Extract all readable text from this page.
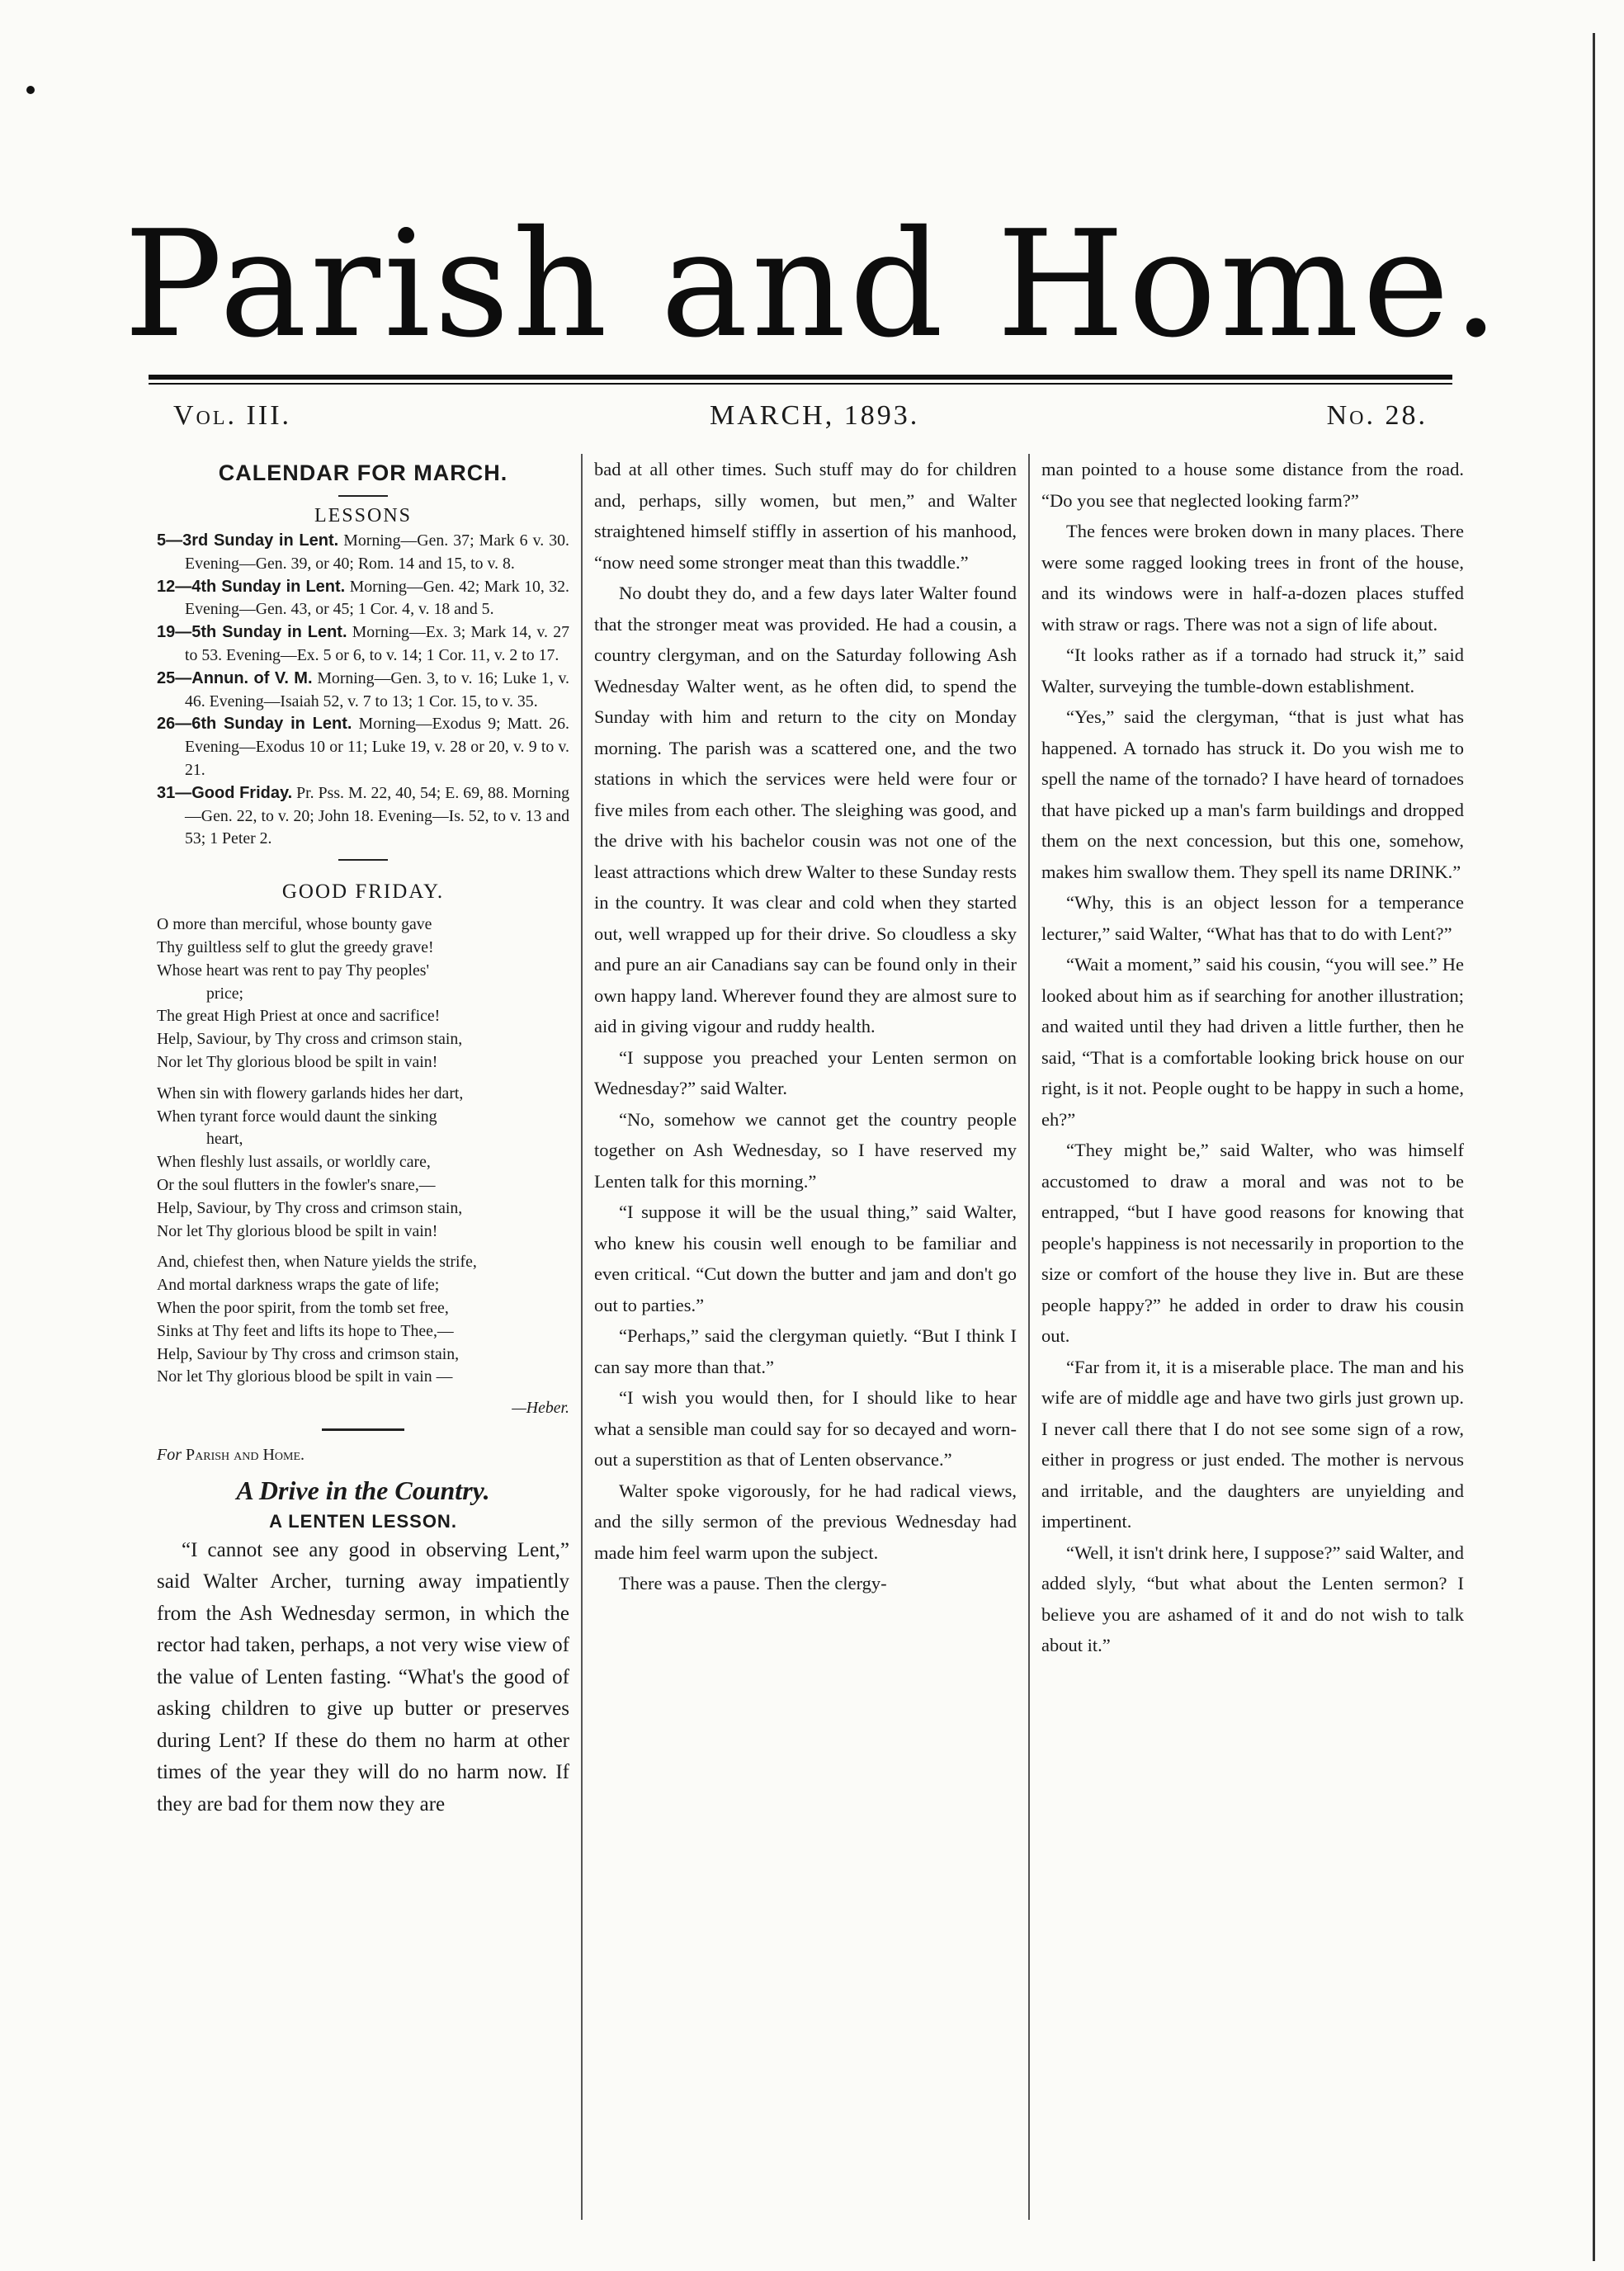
Parish and Home.
Vol. III.	MARCH, 1893.	No. 28.
CALENDAR FOR MARCH.
LESSONS

5—3rd Sunday in Lent. Morning—Gen. 37; Mark 6 v. 30. Evening—Gen. 39, or 40; Rom. 14 and 15, to v. 8.

12—4th Sunday in Lent. Morning—Gen. 42; Mark 10, 32. Evening—Gen. 43, or 45; 1 Cor. 4, v. 18 and 5.

19—5th Sunday in Lent. Morning—Ex. 3; Mark 14, v. 27 to 53. Evening—Ex. 5 or 6, to v. 14; 1 Cor. 11, v. 2 to 17.

25—Annun. of V. M. Morning—Gen. 3, to v. 16; Luke 1, v. 46. Evening—Isaiah 52, v. 7 to 13; 1 Cor. 15, to v. 35.

26—6th Sunday in Lent. Morning—Exodus 9; Matt. 26. Evening—Exodus 10 or 11; Luke 19, v. 28 or 20, v. 9 to v. 21.

31—Good Friday. Pr. Pss. M. 22, 40, 54; E. 69, 88. Morning—Gen. 22, to v. 20; John 18. Evening—Is. 52, to v. 13 and 53; 1 Peter 2.

GOOD FRIDAY.
O more than merciful, whose bounty gave
Thy guiltless self to glut the greedy grave!
Whose heart was rent to pay Thy peoples'
price;
The great High Priest at once and sacrifice!
Help, Saviour, by Thy cross and crimson stain,
Nor let Thy glorious blood be spilt in vain!
When sin with flowery garlands hides her dart,
When tyrant force would daunt the sinking
heart,
When fleshly lust assails, or worldly care,
Or the soul flutters in the fowler's snare,—
Help, Saviour, by Thy cross and crimson stain,
Nor let Thy glorious blood be spilt in vain!
And, chiefest then, when Nature yields the strife,
And mortal darkness wraps the gate of life;
When the poor spirit, from the tomb set free,
Sinks at Thy feet and lifts its hope to Thee,—
Help, Saviour by Thy cross and crimson stain,
Nor let Thy glorious blood be spilt in vain —
—Heber.
For Parish and Home.
A Drive in the Country.
A LENTEN LESSON.

“I cannot see any good in observing Lent,” said Walter Archer, turning away impatiently from the Ash Wednesday sermon, in which the rector had taken, perhaps, a not very wise view of the value of Lenten fasting. “What's the good of asking children to give up butter or preserves during Lent? If these do them no harm at other times of the year they will do no harm now. If they are bad for them now they are

bad at all other times. Such stuff may do for children and, perhaps, silly women, but men,” and Walter straightened himself stiffly in assertion of his manhood, “now need some stronger meat than this twaddle.”

No doubt they do, and a few days later Walter found that the stronger meat was provided. He had a cousin, a country clergyman, and on the Saturday following Ash Wednesday Walter went, as he often did, to spend the Sunday with him and return to the city on Monday morning. The parish was a scattered one, and the two stations in which the services were held were four or five miles from each other. The sleighing was good, and the drive with his bachelor cousin was not one of the least attractions which drew Walter to these Sunday rests in the country. It was clear and cold when they started out, well wrapped up for their drive. So cloudless a sky and pure an air Canadians say can be found only in their own happy land. Wherever found they are almost sure to aid in giving vigour and ruddy health.

“I suppose you preached your Lenten sermon on Wednesday?” said Walter.

“No, somehow we cannot get the country people together on Ash Wednesday, so I have reserved my Lenten talk for this morning.”

“I suppose it will be the usual thing,” said Walter, who knew his cousin well enough to be familiar and even critical. “Cut down the butter and jam and don't go out to parties.”

“Perhaps,” said the clergyman quietly. “But I think I can say more than that.”

“I wish you would then, for I should like to hear what a sensible man could say for so decayed and worn-out a superstition as that of Lenten observance.”

Walter spoke vigorously, for he had radical views, and the silly sermon of the previous Wednesday had made him feel warm upon the subject.

There was a pause. Then the clergy-

man pointed to a house some distance from the road. “Do you see that neglected looking farm?”

The fences were broken down in many places. There were some ragged looking trees in front of the house, and its windows were in half-a-dozen places stuffed with straw or rags. There was not a sign of life about.

“It looks rather as if a tornado had struck it,” said Walter, surveying the tumble-down establishment.

“Yes,” said the clergyman, “that is just what has happened. A tornado has struck it. Do you wish me to spell the name of the tornado? I have heard of tornadoes that have picked up a man's farm buildings and dropped them on the next concession, but this one, somehow, makes him swallow them. They spell its name DRINK.”

“Why, this is an object lesson for a temperance lecturer,” said Walter, “What has that to do with Lent?”

“Wait a moment,” said his cousin, “you will see.” He looked about him as if searching for another illustration; and waited until they had driven a little further, then he said, “That is a comfortable looking brick house on our right, is it not. People ought to be happy in such a home, eh?”

“They might be,” said Walter, who was himself accustomed to draw a moral and was not to be entrapped, “but I have good reasons for knowing that people's happiness is not necessarily in proportion to the size or comfort of the house they live in. But are these people happy?” he added in order to draw his cousin out.

“Far from it, it is a miserable place. The man and his wife are of middle age and have two girls just grown up. I never call there that I do not see some sign of a row, either in progress or just ended. The mother is nervous and irritable, and the daughters are unyielding and impertinent.

“Well, it isn't drink here, I suppose?” said Walter, and added slyly, “but what about the Lenten sermon? I believe you are ashamed of it and do not wish to talk about it.”
